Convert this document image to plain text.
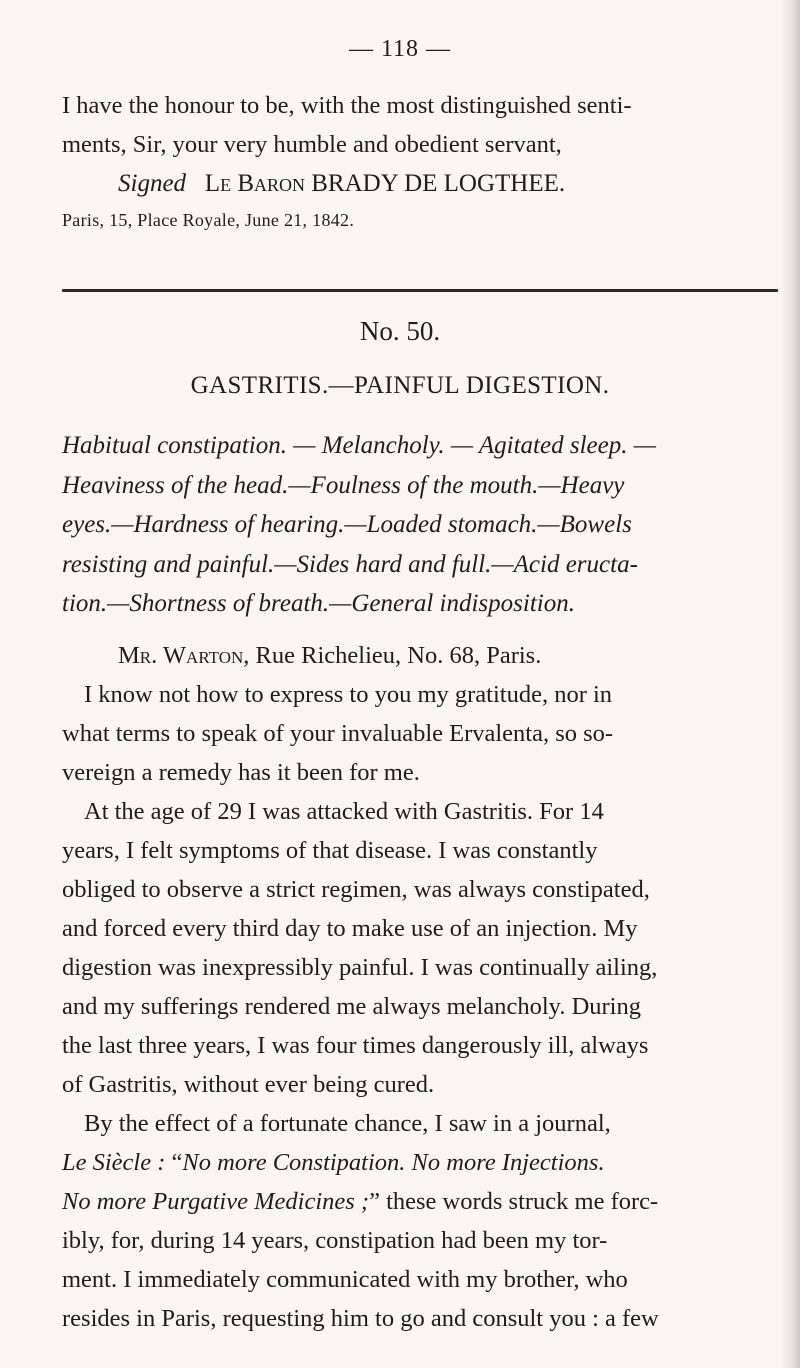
— 118 —
I have the honour to be, with the most distinguished senti-
ments, Sir, your very humble and obedient servant,
Signed Le Baron BRADY DE LOGTHEE.
Paris, 15, Place Royale, June 21, 1842.
No. 50.
GASTRITIS.—PAINFUL DIGESTION.
Habitual constipation. — Melancholy. — Agitated sleep. —
Heaviness of the head.—Foulness of the mouth.—Heavy
eyes.—Hardness of hearing.—Loaded stomach.—Bowels
resisting and painful.—Sides hard and full.—Acid eructa-
tion.—Shortness of breath.—General indisposition.
Mr. Warton, Rue Richelieu, No. 68, Paris.
I know not how to express to you my gratitude, nor in
what terms to speak of your invaluable Ervalenta, so so-
vereign a remedy has it been for me.
At the age of 29 I was attacked with Gastritis. For 14
years, I felt symptoms of that disease. I was constantly
obliged to observe a strict regimen, was always constipated,
and forced every third day to make use of an injection. My
digestion was inexpressibly painful. I was continually ailing,
and my sufferings rendered me always melancholy. During
the last three years, I was four times dangerously ill, always
of Gastritis, without ever being cured.
By the effect of a fortunate chance, I saw in a journal,
Le Siècle : “No more Constipation. No more Injections.
No more Purgative Medicines ;” these words struck me forc-
ibly, for, during 14 years, constipation had been my tor-
ment. I immediately communicated with my brother, who
resides in Paris, requesting him to go and consult you : a few
